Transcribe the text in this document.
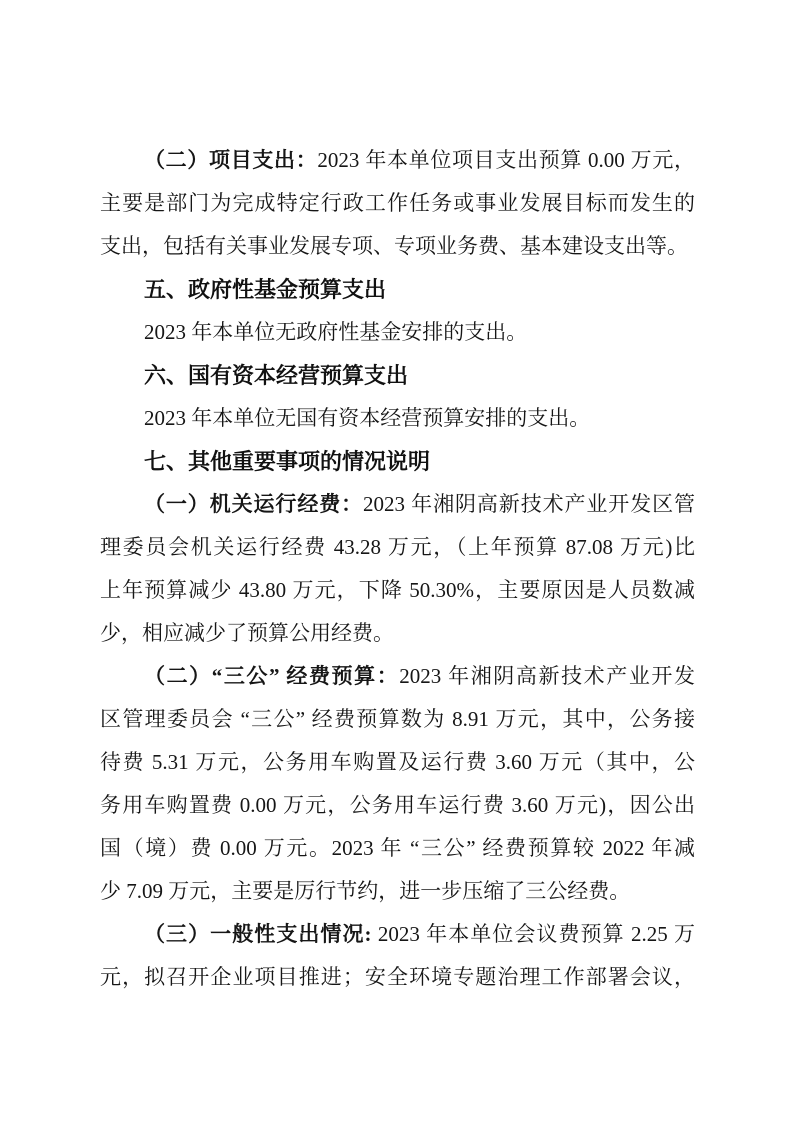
（二）项目支出：2023 年本单位项目支出预算 0.00 万元，
主要是部门为完成特定行政工作任务或事业发展目标而发生的
支出，包括有关事业发展专项、专项业务费、基本建设支出等。
五、政府性基金预算支出
2023 年本单位无政府性基金安排的支出。
六、国有资本经营预算支出
2023 年本单位无国有资本经营预算安排的支出。
七、其他重要事项的情况说明
（一）机关运行经费：2023 年湘阴高新技术产业开发区管
理委员会机关运行经费 43.28 万元，（上年预算 87.08 万元)比
上年预算减少 43.80 万元，下降 50.30%，主要原因是人员数减
少，相应减少了预算公用经费。
（二）“三公” 经费预算：2023 年湘阴高新技术产业开发
区管理委员会 “三公” 经费预算数为 8.91 万元，其中，公务接
待费 5.31 万元，公务用车购置及运行费 3.60 万元（其中，公
务用车购置费 0.00 万元，公务用车运行费 3.60 万元)，因公出
国（境）费 0.00 万元。2023 年 “三公” 经费预算较 2022 年减
少 7.09 万元，主要是厉行节约，进一步压缩了三公经费。
（三）一般性支出情况: 2023 年本单位会议费预算 2.25 万
元，拟召开企业项目推进；安全环境专题治理工作部署会议，
